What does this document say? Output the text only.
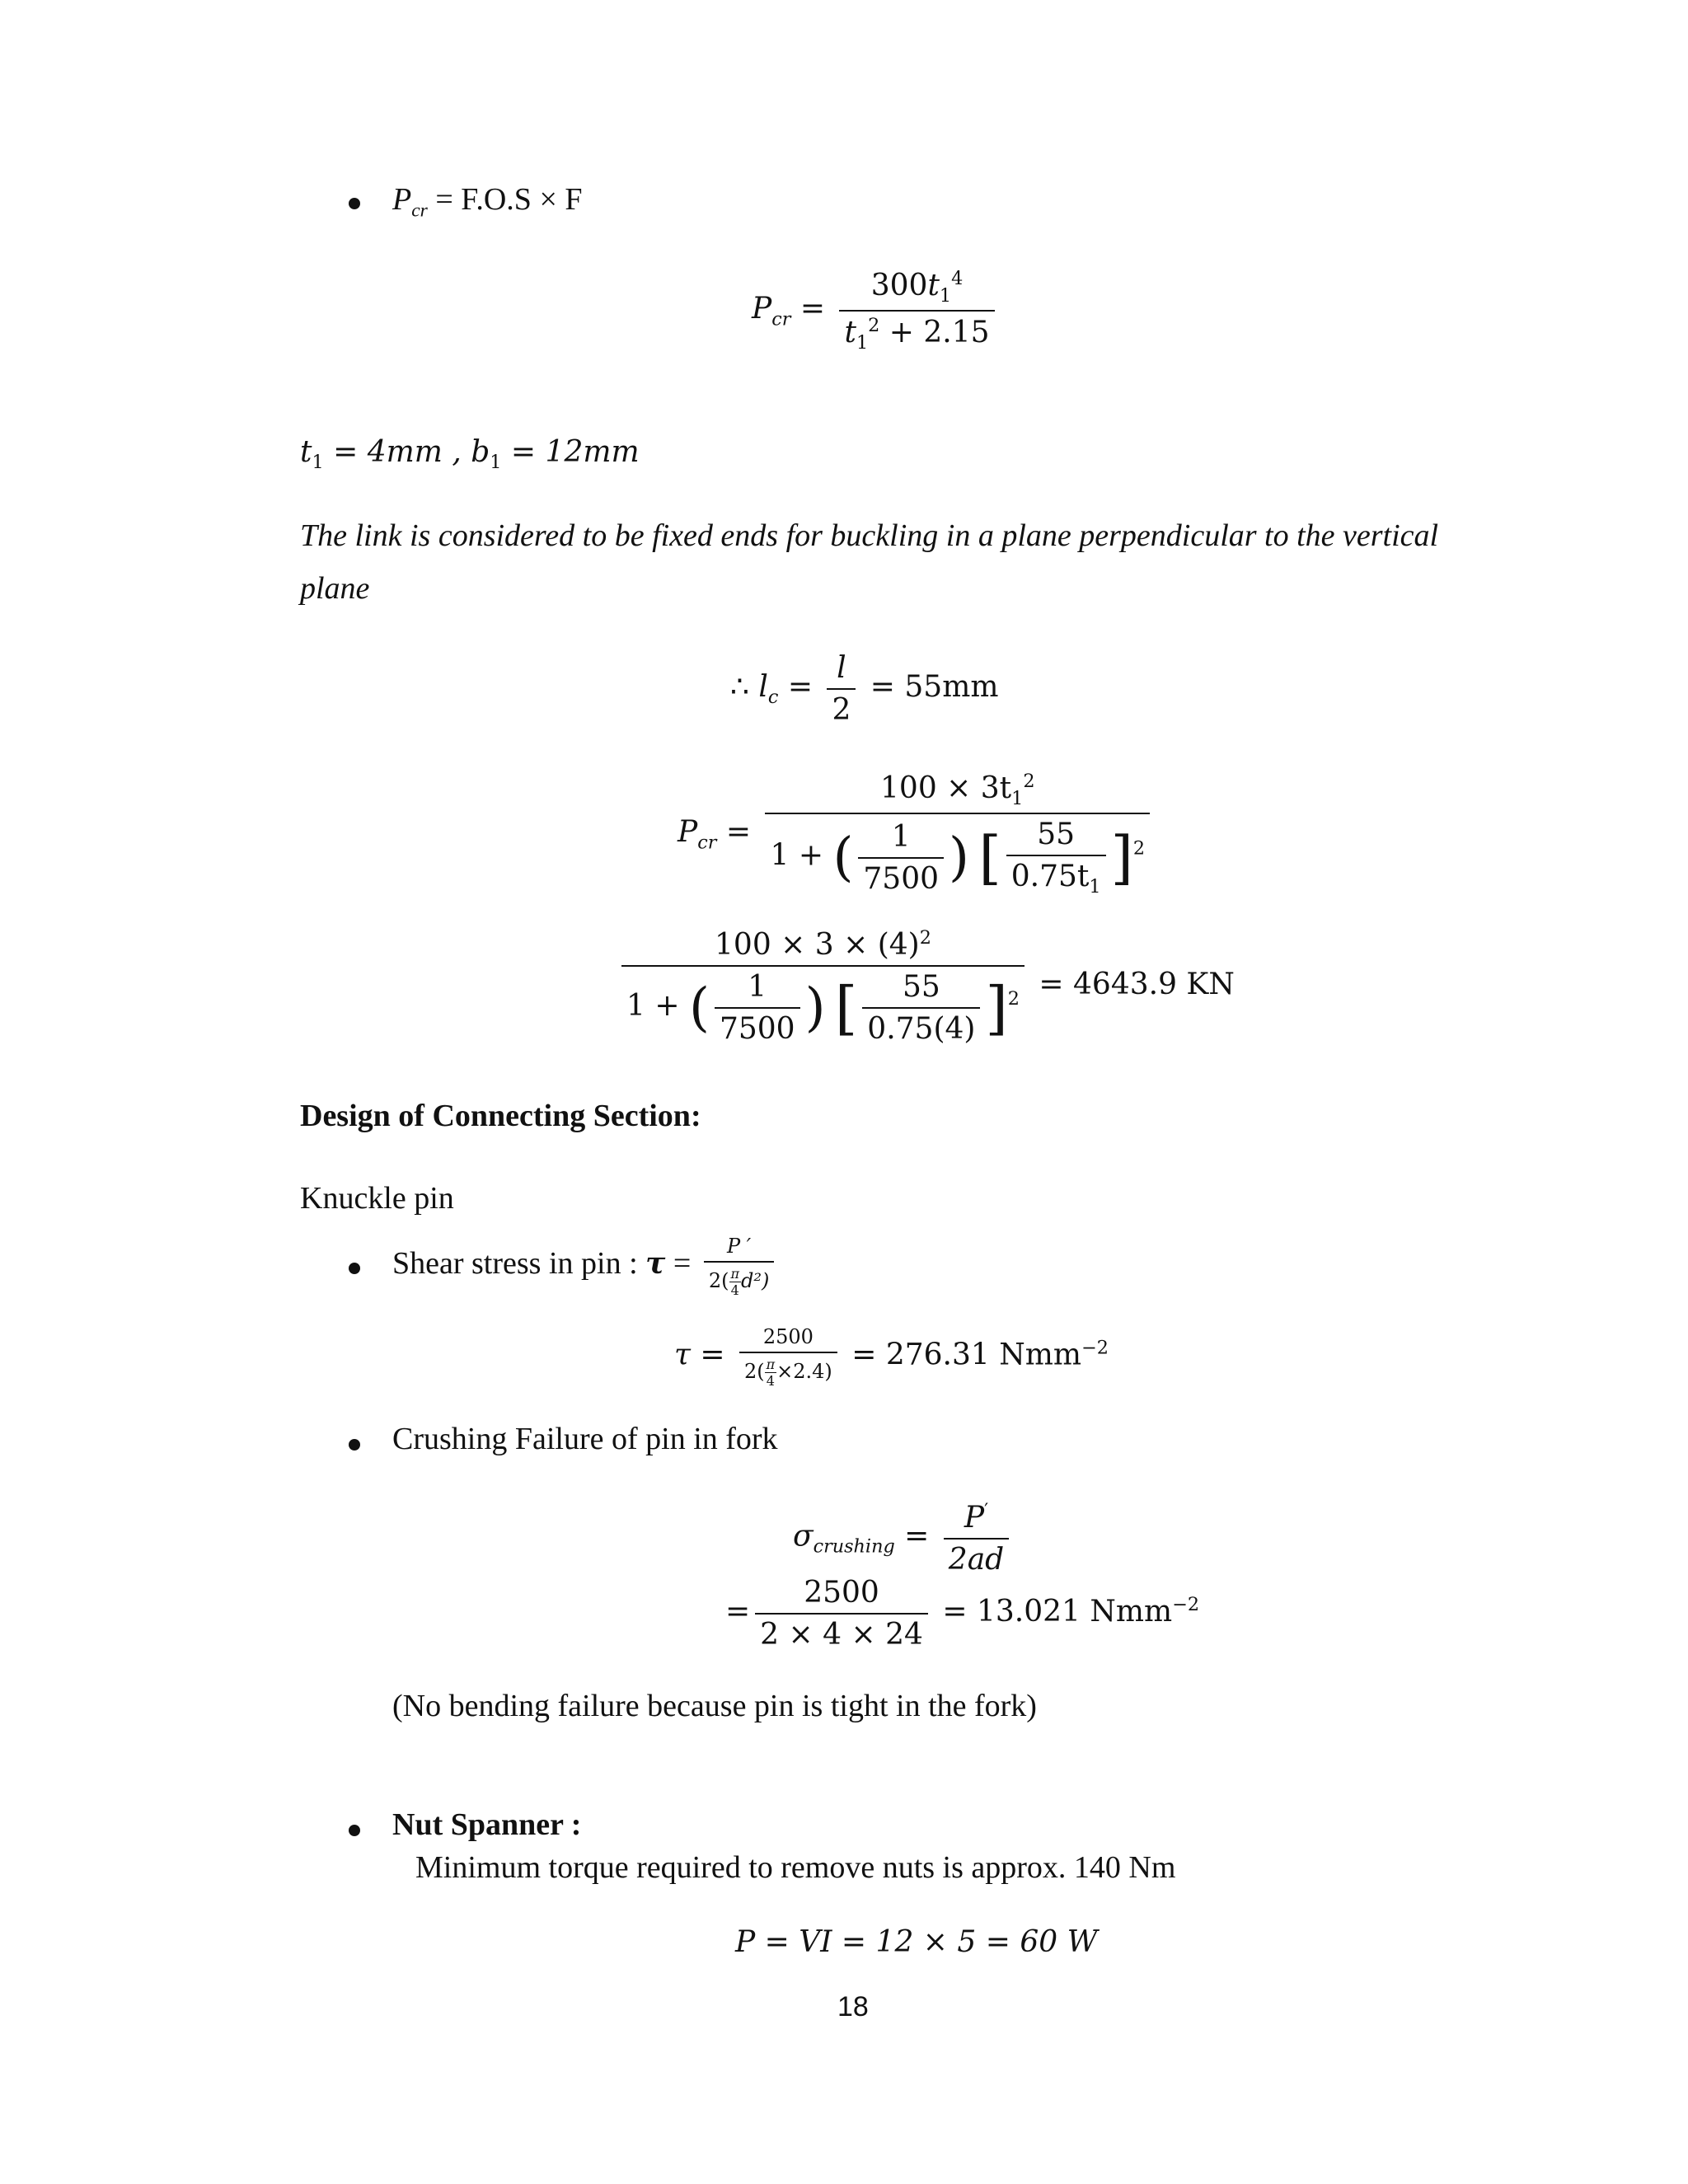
$P_{cr} = F.O.S \times F$
$P_{cr} = \frac{300t_1^4}{t_1^2 + 2.15}$
$t_1 = 4mm$ , $b_1 = 12mm$
The link is considered to be fixed ends for buckling in a plane perpendicular to the vertical
plane
∴ $l_c = \frac{l}{2} = 55mm$
$P_{cr} = \frac{100 \times 3t_1^2}{1 + ( \frac{1}{7500} ) [ \frac{55}{0.75t_1} ]^2}$
$\frac{100 \times 3 \times (4)^2}{1 + ( \frac{1}{7500} ) [ \frac{55}{0.75(4)} ]^2} = 4643.9$ KN
Design of Connecting Section:
Knuckle pin
Shear stress in pin : $\tau = \frac{P '}{2( \frac{\pi}{4} d^2)}$
$\tau = \frac{2500}{2( \frac{\pi}{4} \times 2.4)} = 276.31$ Nmm$^{-2}$
Crushing Failure of pin in fork
$\sigma_{crushing} = \frac{P'}{2ad}$
= $\frac{2500}{2 \times 4 \times 24} = 13.021$ Nmm$^{-2}$
(No bending failure because pin is tight in the fork)
Nut Spanner :
Minimum torque required to remove nuts is approx. 140 Nm
P = VI = 12 × 5 = 60 W
18
